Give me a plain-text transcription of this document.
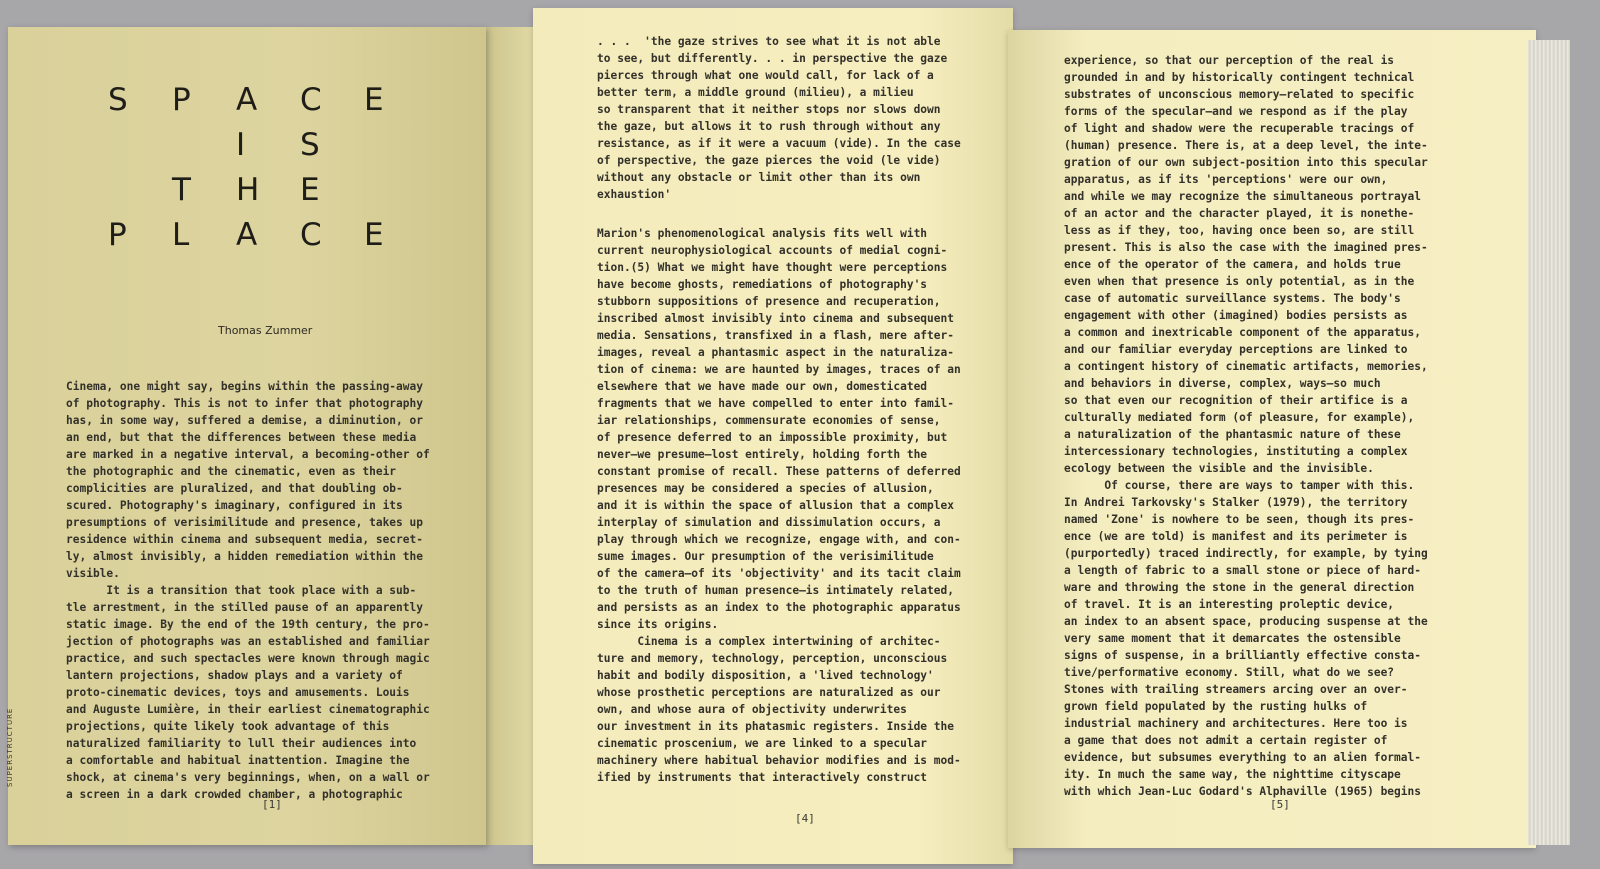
S	P	A	C	E
I	S
T	H	E
P	L	A	C	E
Thomas Zummer
SUPERSTRUCTURE
Cinema, one might say, begins within the passing-away
of photography. This is not to infer that photography
has, in some way, suffered a demise, a diminution, or
an end, but that the differences between these media
are marked in a negative interval, a becoming-other of
the photographic and the cinematic, even as their
complicities are pluralized, and that doubling ob-
scured. Photography's imaginary, configured in its
presumptions of verisimilitude and presence, takes up
residence within cinema and subsequent media, secret-
ly, almost invisibly, a hidden remediation within the
visible.
It is a transition that took place with a sub-
tle arrestment, in the stilled pause of an apparently
static image. By the end of the 19th century, the pro-
jection of photographs was an established and familiar
practice, and such spectacles were known through magic
lantern projections, shadow plays and a variety of
proto-cinematic devices, toys and amusements. Louis
and Auguste Lumière, in their earliest cinematographic
projections, quite likely took advantage of this
naturalized familiarity to lull their audiences into
a comfortable and habitual inattention. Imagine the
shock, at cinema's very beginnings, when, on a wall or
a screen in a dark crowded chamber, a photographic
[1]
. . .  'the gaze strives to see what it is not able
to see, but differently. . . in perspective the gaze
pierces through what one would call, for lack of a
better term, a middle ground (milieu), a milieu
so transparent that it neither stops nor slows down
the gaze, but allows it to rush through without any
resistance, as if it were a vacuum (vide). In the case
of perspective, the gaze pierces the void (le vide)
without any obstacle or limit other than its own
exhaustion'
Marion's phenomenological analysis fits well with
current neurophysiological accounts of medial cogni-
tion.(5) What we might have thought were perceptions
have become ghosts, remediations of photography's
stubborn suppositions of presence and recuperation,
inscribed almost invisibly into cinema and subsequent
media. Sensations, transfixed in a flash, mere after-
images, reveal a phantasmic aspect in the naturaliza-
tion of cinema: we are haunted by images, traces of an
elsewhere that we have made our own, domesticated
fragments that we have compelled to enter into famil-
iar relationships, commensurate economies of sense,
of presence deferred to an impossible proximity, but
never—we presume—lost entirely, holding forth the
constant promise of recall. These patterns of deferred
presences may be considered a species of allusion,
and it is within the space of allusion that a complex
interplay of simulation and dissimulation occurs, a
play through which we recognize, engage with, and con-
sume images. Our presumption of the verisimilitude
of the camera—of its 'objectivity' and its tacit claim
to the truth of human presence—is intimately related,
and persists as an index to the photographic apparatus
since its origins.
Cinema is a complex intertwining of architec-
ture and memory, technology, perception, unconscious
habit and bodily disposition, a 'lived technology'
whose prosthetic perceptions are naturalized as our
own, and whose aura of objectivity underwrites
our investment in its phatasmic registers. Inside the
cinematic proscenium, we are linked to a specular
machinery where habitual behavior modifies and is mod-
ified by instruments that interactively construct
[4]
experience, so that our perception of the real is
grounded in and by historically contingent technical
substrates of unconscious memory—related to specific
forms of the specular—and we respond as if the play
of light and shadow were the recuperable tracings of
(human) presence. There is, at a deep level, the inte-
gration of our own subject-position into this specular
apparatus, as if its 'perceptions' were our own,
and while we may recognize the simultaneous portrayal
of an actor and the character played, it is nonethe-
less as if they, too, having once been so, are still
present. This is also the case with the imagined pres-
ence of the operator of the camera, and holds true
even when that presence is only potential, as in the
case of automatic surveillance systems. The body's
engagement with other (imagined) bodies persists as
a common and inextricable component of the apparatus,
and our familiar everyday perceptions are linked to
a contingent history of cinematic artifacts, memories,
and behaviors in diverse, complex, ways—so much
so that even our recognition of their artifice is a
culturally mediated form (of pleasure, for example),
a naturalization of the phantasmic nature of these
intercessionary technologies, instituting a complex
ecology between the visible and the invisible.
Of course, there are ways to tamper with this.
In Andrei Tarkovsky's Stalker (1979), the territory
named 'Zone' is nowhere to be seen, though its pres-
ence (we are told) is manifest and its perimeter is
(purportedly) traced indirectly, for example, by tying
a length of fabric to a small stone or piece of hard-
ware and throwing the stone in the general direction
of travel. It is an interesting proleptic device,
an index to an absent space, producing suspense at the
very same moment that it demarcates the ostensible
signs of suspense, in a brilliantly effective consta-
tive/performative economy. Still, what do we see?
Stones with trailing streamers arcing over an over-
grown field populated by the rusting hulks of
industrial machinery and architectures. Here too is
a game that does not admit a certain register of
evidence, but subsumes everything to an alien formal-
ity. In much the same way, the nighttime cityscape
with which Jean-Luc Godard's Alphaville (1965) begins
[5]
